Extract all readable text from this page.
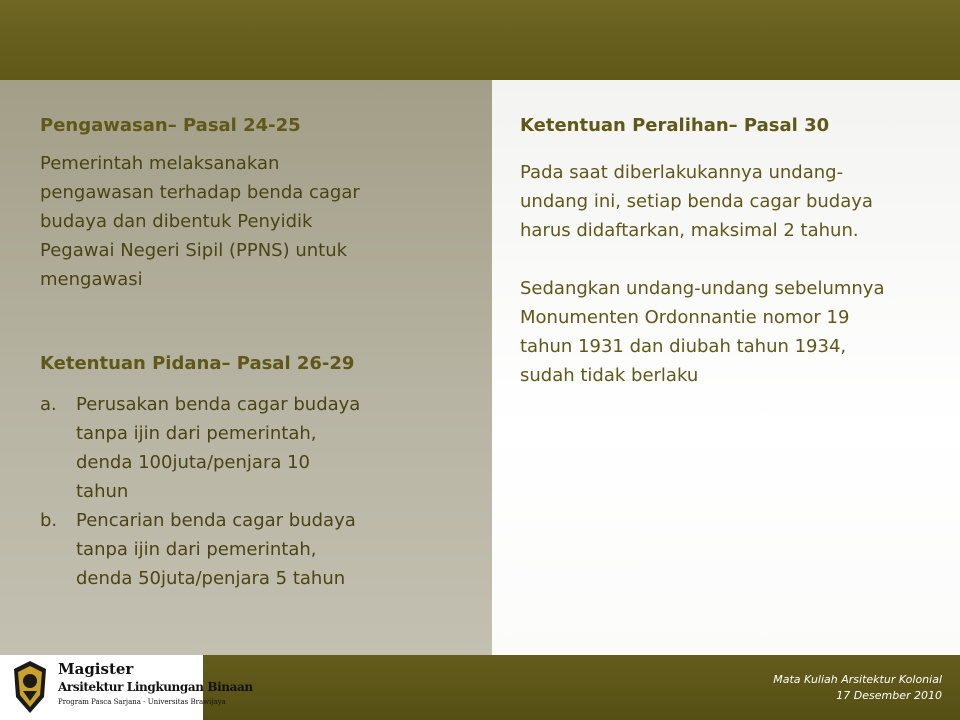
Pengawasan– Pasal 24-25
Pemerintah melaksanakan
pengawasan terhadap benda cagar
budaya dan dibentuk Penyidik
Pegawai Negeri Sipil (PPNS) untuk
mengawasi
Ketentuan Pidana– Pasal 26-29
a. Perusakan benda cagar budaya
tanpa ijin dari pemerintah,
denda 100juta/penjara 10
tahun
b. Pencarian benda cagar budaya
tanpa ijin dari pemerintah,
denda 50juta/penjara 5 tahun
Ketentuan Peralihan– Pasal 30
Pada saat diberlakukannya undang-
undang ini, setiap benda cagar budaya
harus didaftarkan, maksimal 2 tahun.
Sedangkan undang-undang sebelumnya
Monumenten Ordonnantie nomor 19
tahun 1931 dan diubah tahun 1934,
sudah tidak berlaku
Magister
Arsitektur Lingkungan Binaan
Program Pasca Sarjana - Universitas Brawijaya
Mata Kuliah Arsitektur Kolonial
17 Desember 2010
